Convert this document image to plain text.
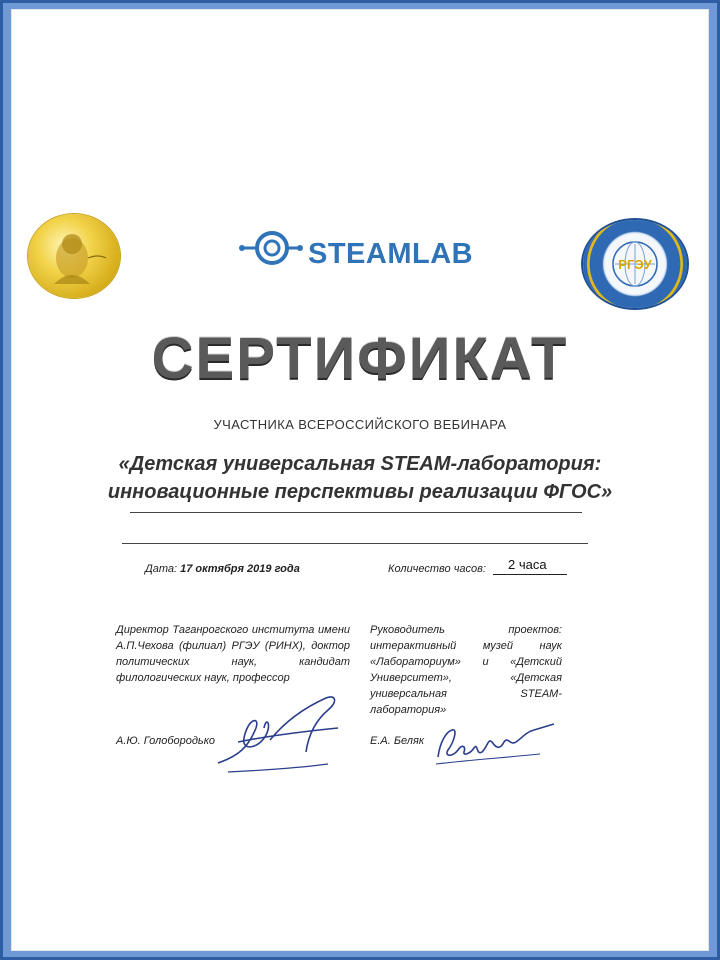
РГЭУ
STEAMLAB
СЕРТИФИКАТ
УЧАСТНИКА ВСЕРОССИЙСКОГО ВЕБИНАРА
«Детская универсальная STEAM-лаборатория:
инновационные перспективы реализации ФГОС»
Дата: 17 октября 2019 года	Количество часов: 2 часа
Директор Таганрогского института имени А.П.Чехова (филиал) РГЭУ (РИНХ), доктор политических наук, кандидат филологических наук, профессор
Руководитель проектов: интерактивный музей наук «Лабораториум» и «Детский Университет», «Детская универсальная STEAM-лаборатория»
А.Ю. Голобородько	Е.А. Беляк
